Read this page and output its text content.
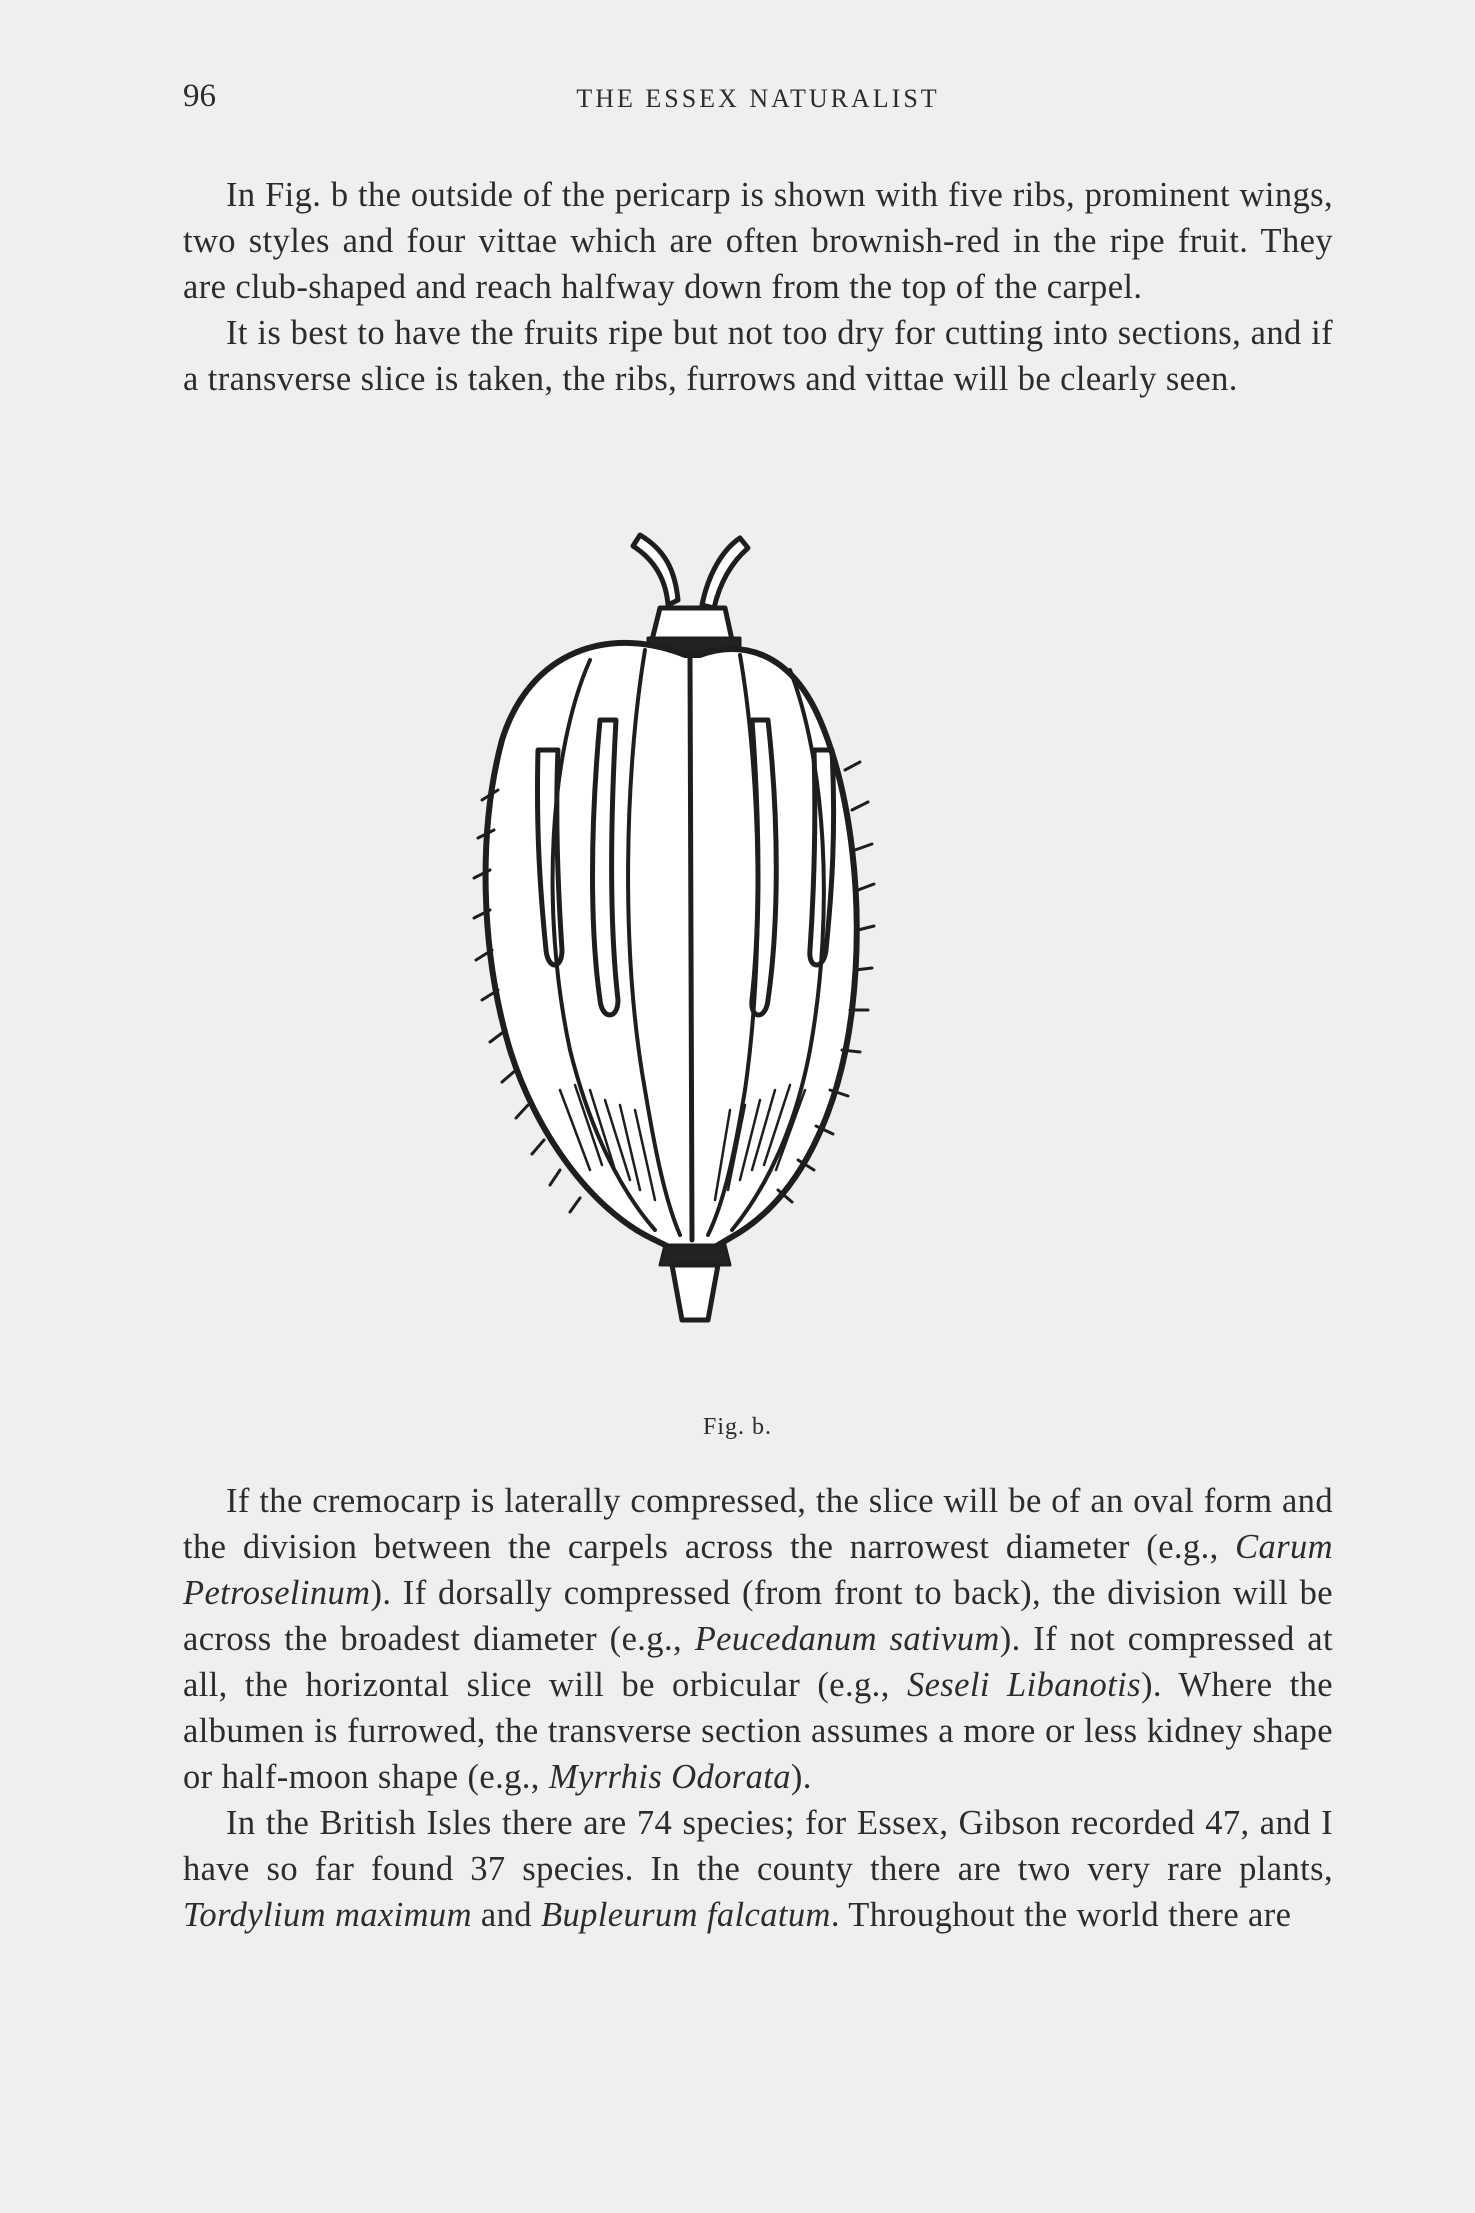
96	THE ESSEX NATURALIST

In Fig. b the outside of the pericarp is shown with five ribs, prominent wings, two styles and four vittae which are often brownish-red in the ripe fruit. They are club-shaped and reach halfway down from the top of the carpel.

It is best to have the fruits ripe but not too dry for cutting into sections, and if a transverse slice is taken, the ribs, furrows and vittae will be clearly seen.

Fig. b.

If the cremocarp is laterally compressed, the slice will be of an oval form and the division between the carpels across the narrowest diameter (e.g., Carum Petroselinum). If dorsally compressed (from front to back), the division will be across the broadest diameter (e.g., Peucedanum sativum). If not compressed at all, the horizontal slice will be orbicular (e.g., Seseli Libanotis). Where the albumen is furrowed, the transverse section assumes a more or less kidney shape or half-moon shape (e.g., Myrrhis Odorata).

In the British Isles there are 74 species; for Essex, Gibson recorded 47, and I have so far found 37 species. In the county there are two very rare plants, Tordylium maximum and Bupleurum falcatum. Throughout the world there are
